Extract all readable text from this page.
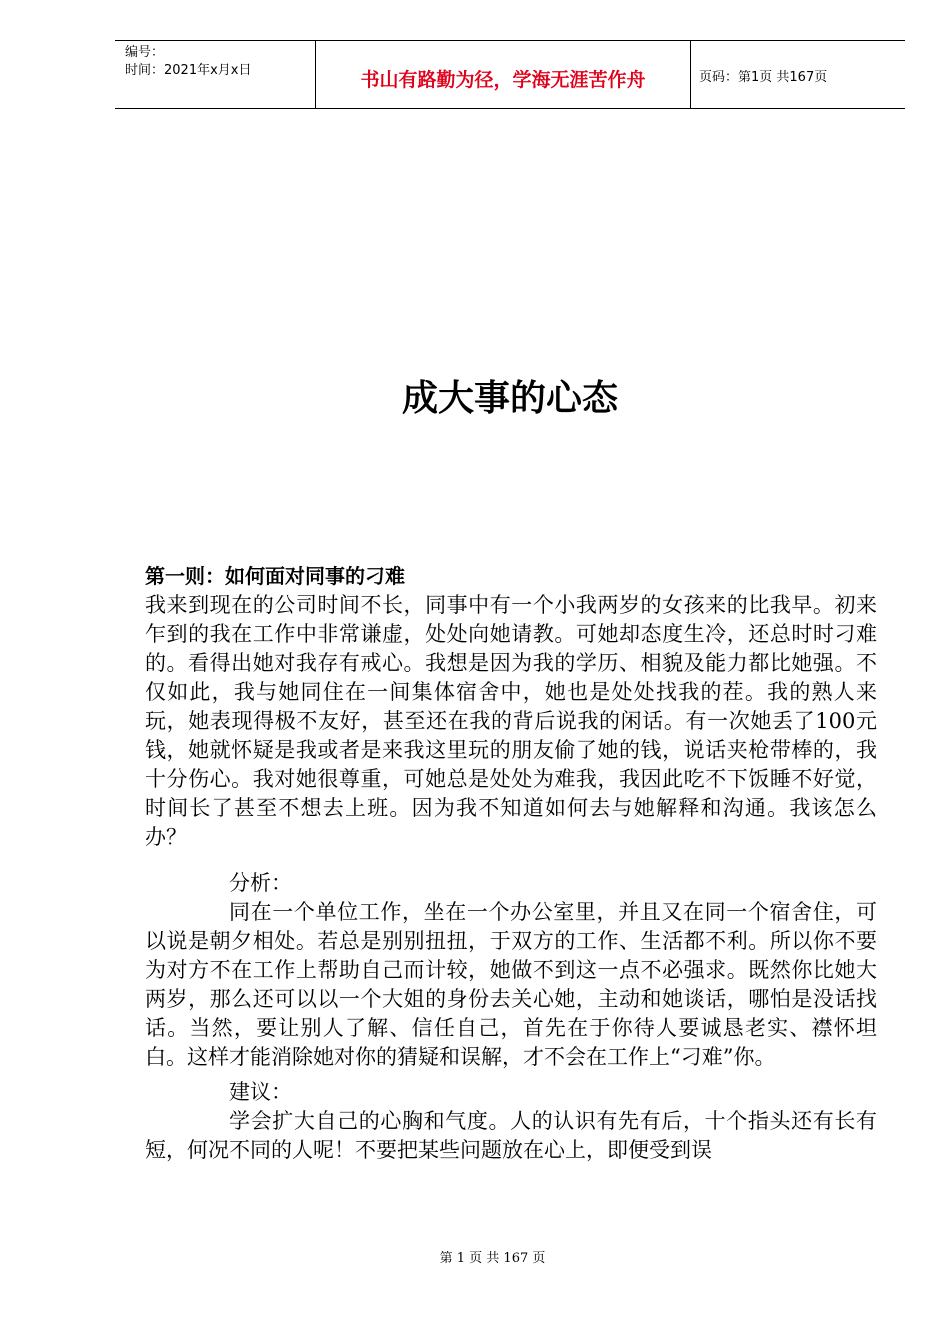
编号：
时间：2021年x月x日	书山有路勤为径，学海无涯苦作舟	页码：第1页 共167页
成大事的心态

第一则：如何面对同事的刁难

我来到现在的公司时间不长，同事中有一个小我两岁的女孩来的比我早。初来乍到的我在工作中非常谦虚，处处向她请教。可她却态度生冷，还总时时刁难的。看得出她对我存有戒心。我想是因为我的学历、相貌及能力都比她强。不仅如此，我与她同住在一间集体宿舍中，她也是处处找我的茬。我的熟人来玩，她表现得极不友好，甚至还在我的背后说我的闲话。有一次她丢了100元钱，她就怀疑是我或者是来我这里玩的朋友偷了她的钱，说话夹枪带棒的，我十分伤心。我对她很尊重，可她总是处处为难我，我因此吃不下饭睡不好觉，时间长了甚至不想去上班。因为我不知道如何去与她解释和沟通。我该怎么办？

分析：

同在一个单位工作，坐在一个办公室里，并且又在同一个宿舍住，可以说是朝夕相处。若总是别别扭扭，于双方的工作、生活都不利。所以你不要为对方不在工作上帮助自己而计较，她做不到这一点不必强求。既然你比她大两岁，那么还可以以一个大姐的身份去关心她，主动和她谈话，哪怕是没话找话。当然，要让别人了解、信任自己，首先在于你待人要诚恳老实、襟怀坦白。这样才能消除她对你的猜疑和误解，才不会在工作上“刁难”你。

建议：

学会扩大自己的心胸和气度。人的认识有先有后，十个指头还有长有短，何况不同的人呢！不要把某些问题放在心上，即便受到误

第 1 页 共 167 页
